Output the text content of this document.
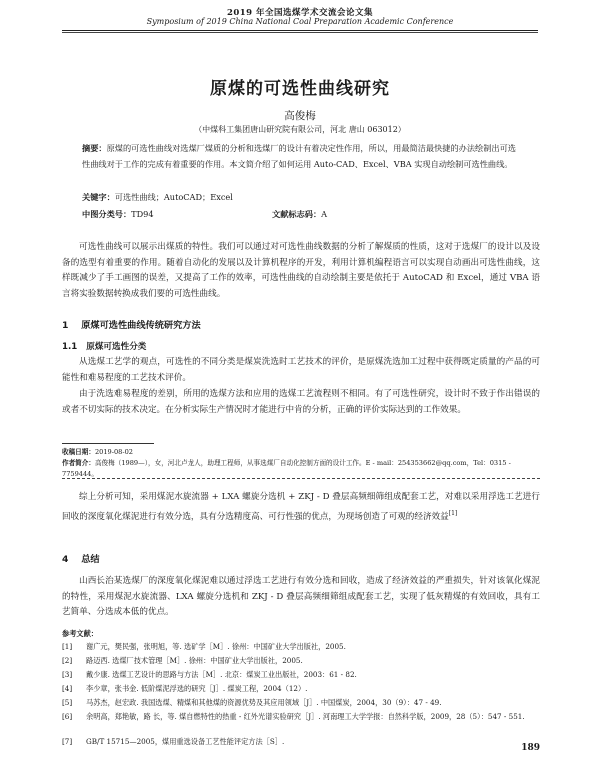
2019 年全国选煤学术交流会论文集
Symposium of 2019 China National Coal Preparation Academic Conference
原煤的可选性曲线研究
高俊梅
（中煤科工集团唐山研究院有限公司，河北 唐山 063012）
摘要：原煤的可选性曲线对选煤厂煤质的分析和选煤厂的设计有着决定性作用，所以，用最简洁最快捷的办法绘制出可选性曲线对于工作的完成有着重要的作用。本文简介绍了如何运用 Auto-CAD、Excel、VBA 实现自动绘制可选性曲线。
关键字：可选性曲线；AutoCAD；Excel
中图分类号：TD94	文献标志码：A
可选性曲线可以展示出煤质的特性。我们可以通过对可选性曲线数据的分析了解煤质的性质，这对于选煤厂的设计以及设备的选型有着重要的作用。随着自动化的发展以及计算机程序的开发，利用计算机编程语言可以实现自动画出可选性曲线，这样既减少了手工画图的误差，又提高了工作的效率，可选性曲线的自动绘制主要是依托于 AutoCAD 和 Excel，通过 VBA 语言将实验数据转换成我们要的可选性曲线。
1 原煤可选性曲线传统研究方法
1.1 原煤可选性分类
从选煤工艺学的观点，可选性的不同分类是煤炭洗选时工艺技术的评价，是原煤洗选加工过程中获得既定质量的产品的可能性和难易程度的工艺技术评价。
由于洗选难易程度的差别，所用的选煤方法和应用的选煤工艺流程则不相同。有了可选性研究，设计时不致于作出错误的或者不切实际的技术决定。在分析实际生产情况时才能进行中肯的分析，正确的评价实际达到的工作效果。
收稿日期：2019-08-02
作者简介：高俊梅（1989—），女，河北卢龙人，助理工程师，从事选煤厂自动化控制方面的设计工作。E - mail：254353662@qq.com，Tel：0315 - 7759444。
综上分析可知，采用煤泥水旋流器 + LXA 螺旋分选机 + ZKJ - D 叠层高频细筛组成配套工艺，对难以采用浮选工艺进行回收的深度氧化煤泥进行有效分选，具有分选精度高、可行性强的优点，为现场创造了可观的经济效益[1]
4 总结
山西长治某选煤厂的深度氧化煤泥难以通过浮选工艺进行有效分选和回收，造成了经济效益的严重损失，针对该氧化煤泥的特性，采用煤泥水旋流器、LXA 螺旋分选机和 ZKJ - D 叠层高频细筛组成配套工艺，实现了低灰精煤的有效回收，具有工艺简单、分选成本低的优点。
参考文献：
[1]	谢广元，樊民强，张明旭，等. 选矿学［M］. 徐州：中国矿业大学出版社，2005.
[2]	路迈西. 选煤厂技术管理［M］. 徐州：中国矿业大学出版社，2005.
[3]	戴少康. 选煤工艺设计的思路与方法［M］. 北京：煤炭工业出版社，2003：61 - 82.
[4]	李少章，张书金. 低阶煤泥浮选的研究［J］. 煤炭工程，2004（12）.
[5]	马苏杰，赵宏政. 我国选煤、精煤和其他煤的资源优势及其应用领域［J］. 中国煤炭，2004，30（9）：47 - 49.
[6]	余明高，郑艳敏，路 长，等. 煤自燃特性的热重 - 红外光谱实验研究［J］. 河南理工大学学报：自然科学版，2009，28（5）：547 - 551.
[7]	GB/T 15715—2005，煤用重选设备工艺性能评定方法［S］.
189
